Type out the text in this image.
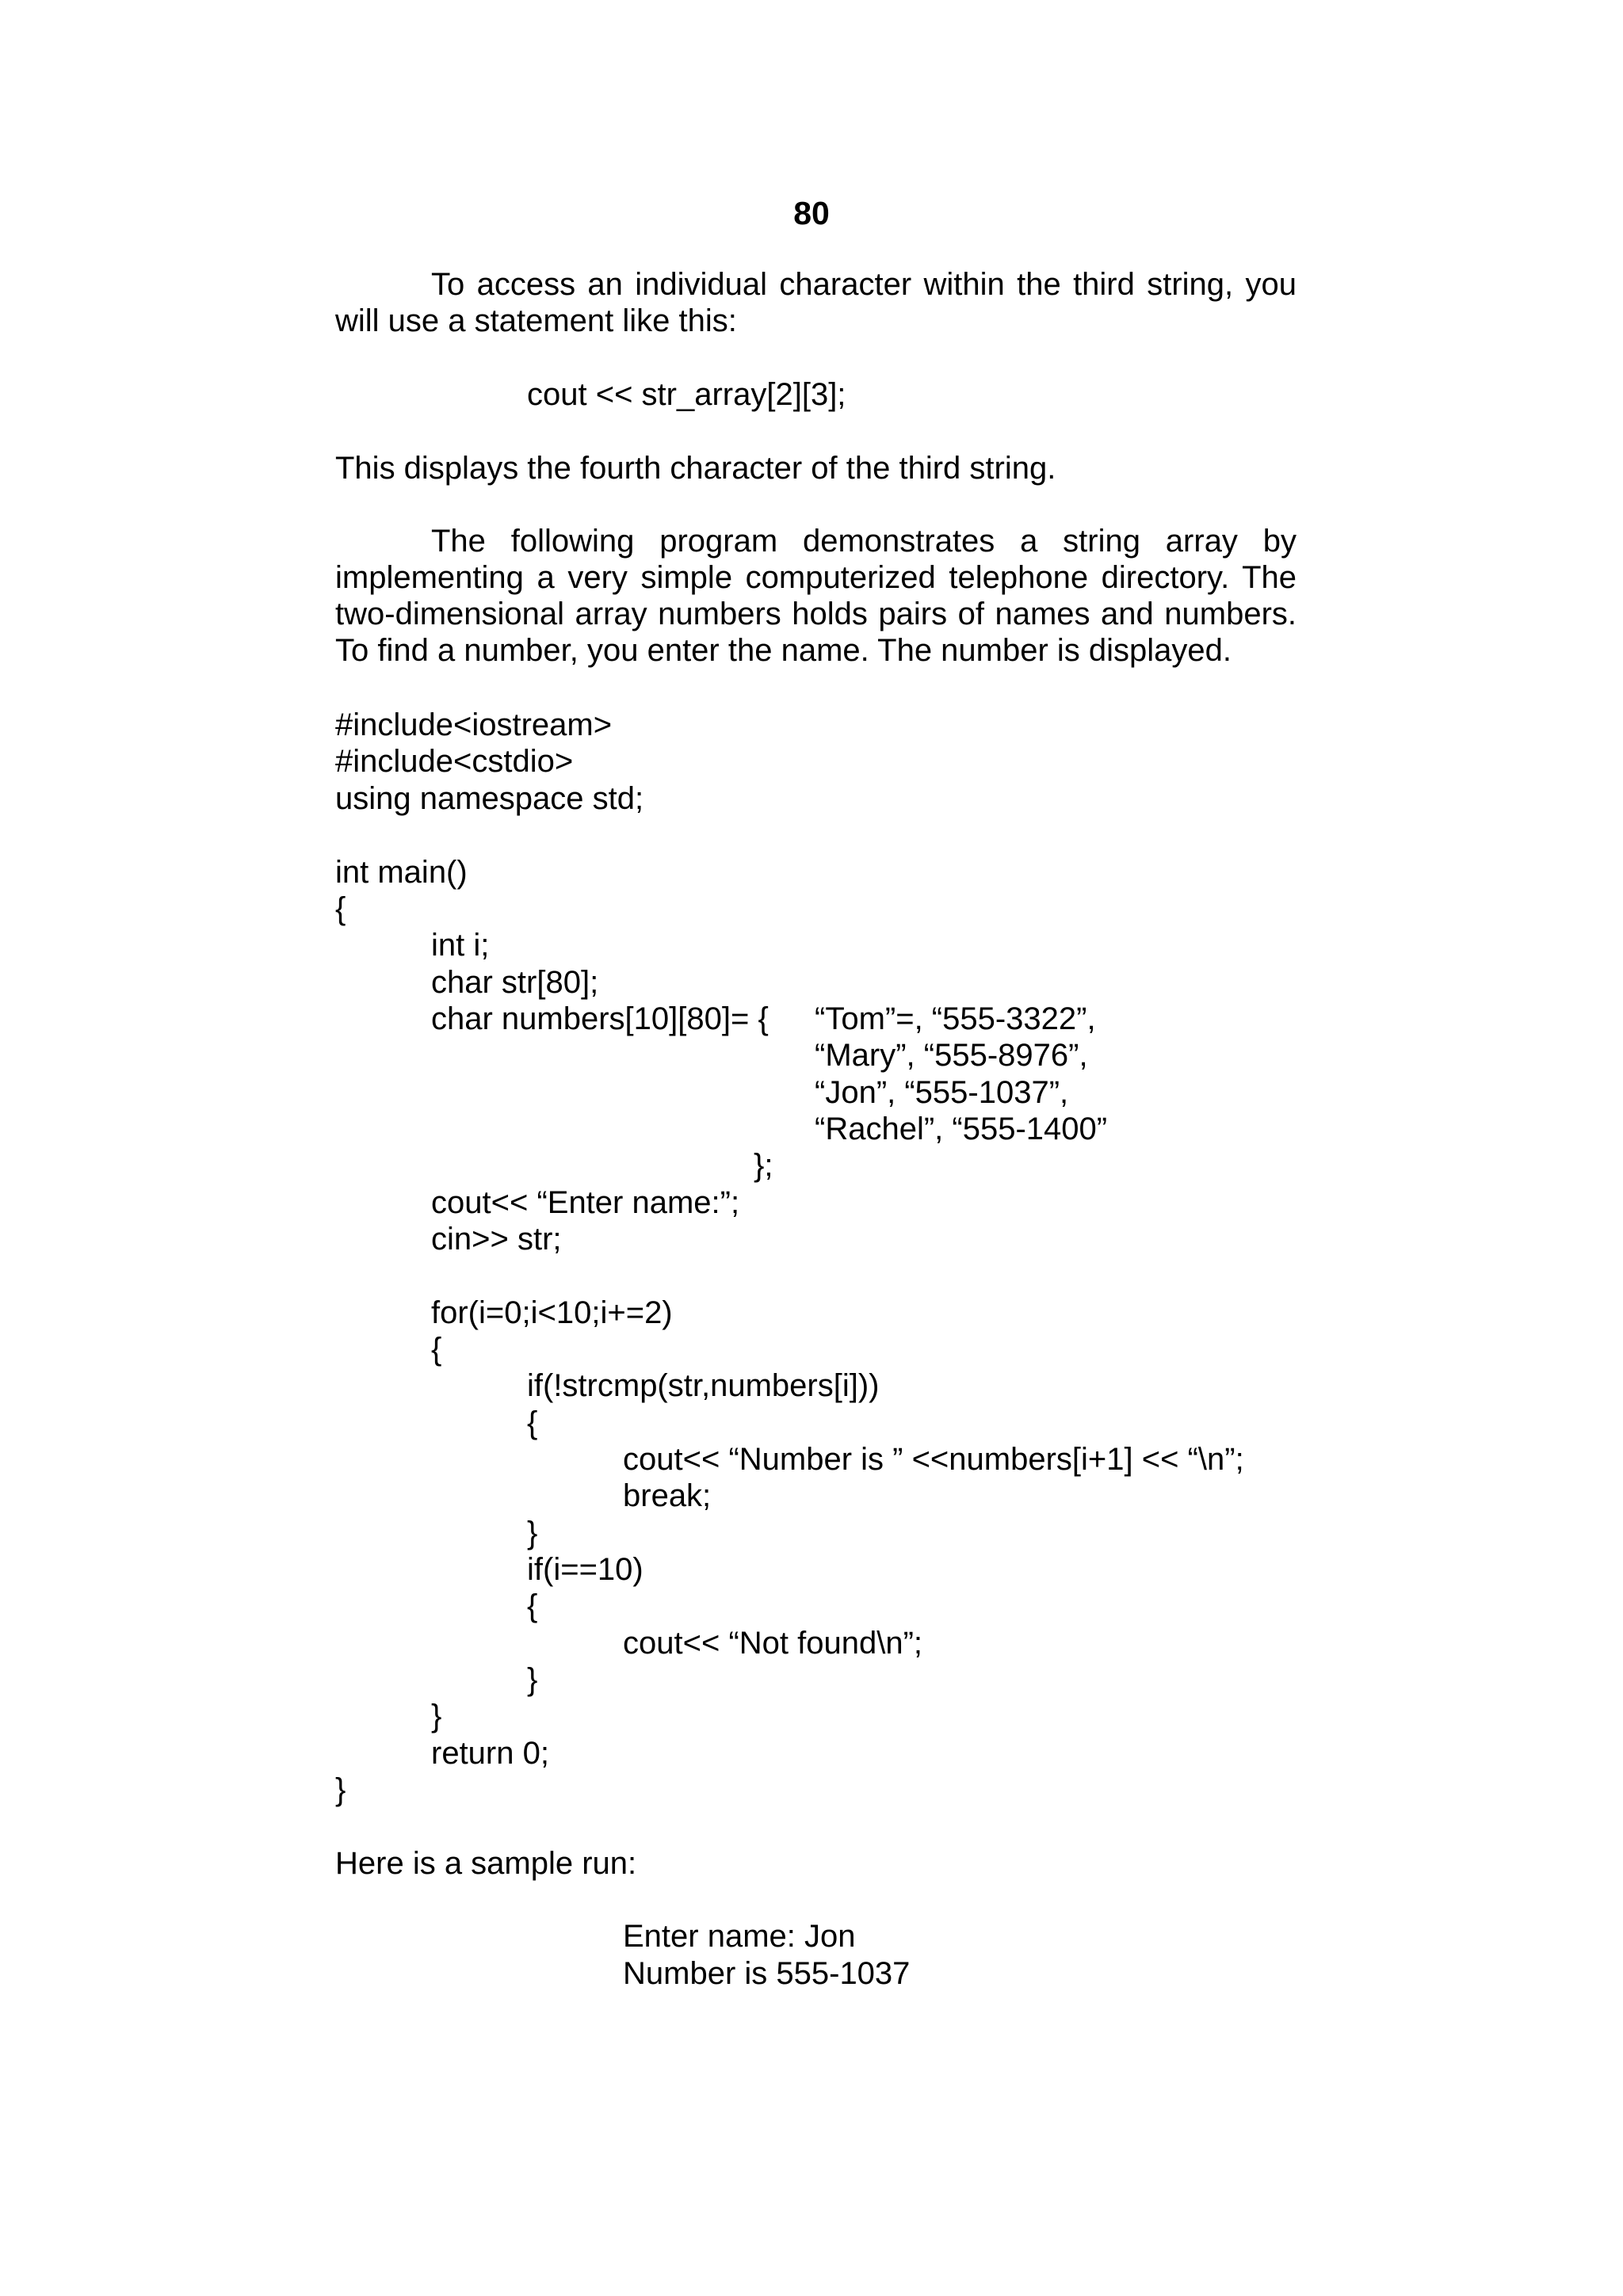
80
To access an individual character within the third string, you
will use a statement like this:
cout << str_array[2][3];
This displays the fourth character of the third string.
The following program demonstrates a string array by
implementing a very simple computerized telephone directory. The
two-dimensional array numbers holds pairs of names and numbers.
To find a number, you enter the name. The number is displayed.
#include<iostream>
#include<cstdio>
using namespace std;
int main()
{
int i;
char str[80];
char numbers[10][80]= { “Tom”=, “555-3322”,
“Mary”, “555-8976”,
“Jon”, “555-1037”,
“Rachel”, “555-1400”
};
cout<< “Enter name:”;
cin>> str;
for(i=0;i<10;i+=2)
{
if(!strcmp(str,numbers[i]))
{
cout<< “Number is ” <<numbers[i+1] << “\n”;
break;
}
if(i==10)
{
cout<< “Not found\n”;
}
}
return 0;
}
Here is a sample run:
Enter name: Jon
Number is 555-1037
